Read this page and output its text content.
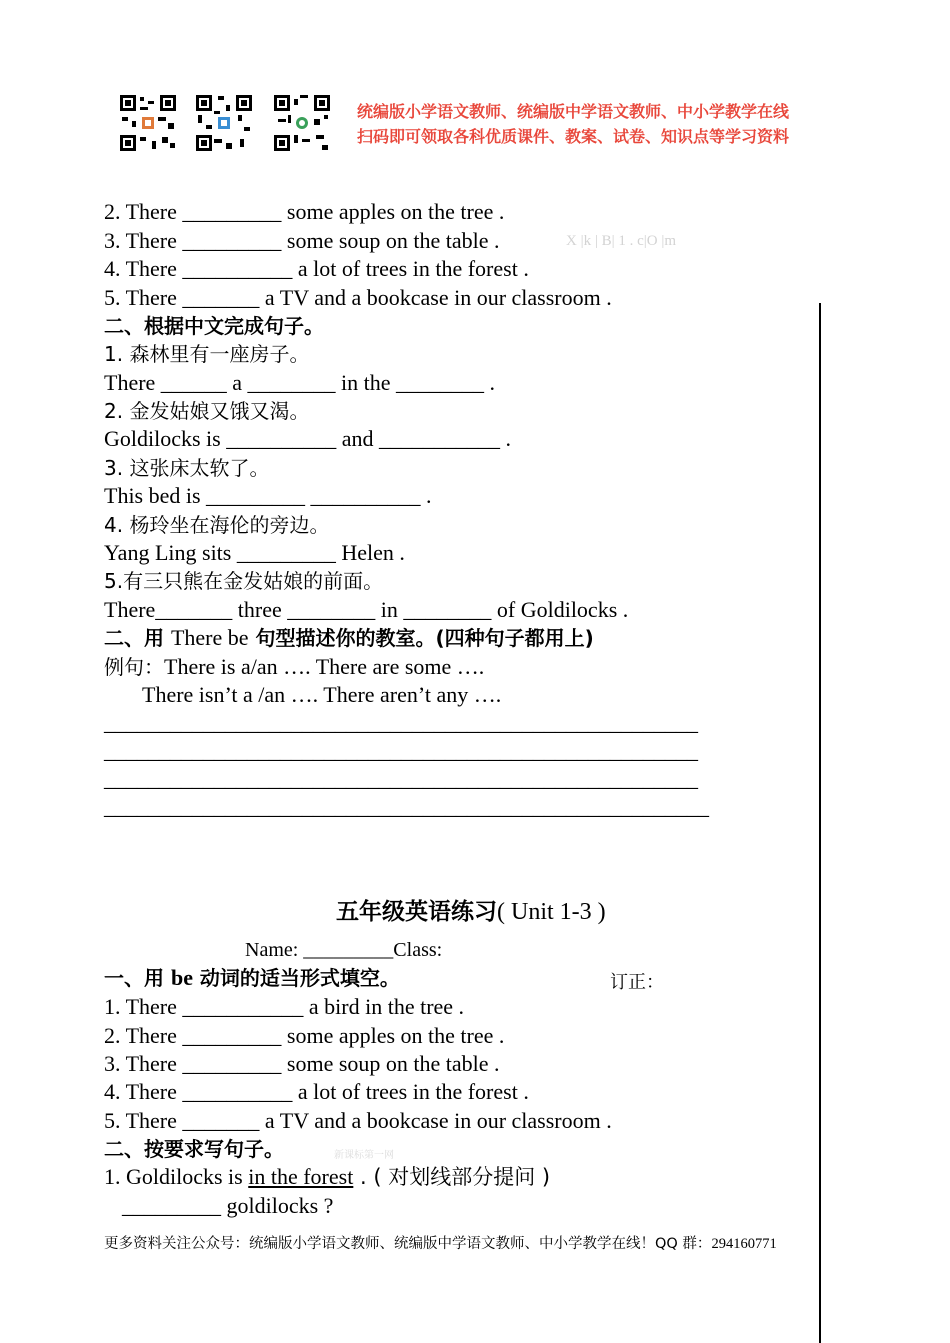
统编版小学语文教师、统编版中学语文教师、中小学教学在线
扫码即可领取各科优质课件、教案、试卷、知识点等学习资料
2. There _________ some apples on the tree .
3. There _________ some soup on the table .	X |k | B| 1 . c|O |m
4. There __________ a lot of trees in the forest .
5. There _______ a TV and a bookcase in our classroom .
二、根据中文完成句子。
1. 森林里有一座房子。
There ______ a ________ in the ________ .
2. 金发姑娘又饿又渴。
Goldilocks is __________ and ___________ .
3. 这张床太软了。
This bed is _________ __________ .
4. 杨玲坐在海伦的旁边。
Yang Ling sits _________ Helen .
5.有三只熊在金发姑娘的前面。
There_______ three ________ in ________ of Goldilocks .
二、用 There be 句型描述你的教室。(四种句子都用上)
例句：There is a/an …. There are some ….
There isn’t a /an …. There aren’t any ….
______________________________________________________
______________________________________________________
______________________________________________________
_______________________________________________________
五年级英语练习( Unit 1-3 )
Name: _________Class:
一、用 be 动词的适当形式填空。	订正：
1. There ___________ a bird in the tree .
2. There _________ some apples on the tree .
3. There _________ some soup on the table .
4. There __________ a lot of trees in the forest .
5. There _______ a TV and a bookcase in our classroom .
二、按要求写句子。	新课标第一网
1. Goldilocks is in the forest . ( 对划线部分提问 )
_________ goldilocks ?
更多资料关注公众号：统编版小学语文教师、统编版中学语文教师、中小学教学在线！QQ 群：294160771
